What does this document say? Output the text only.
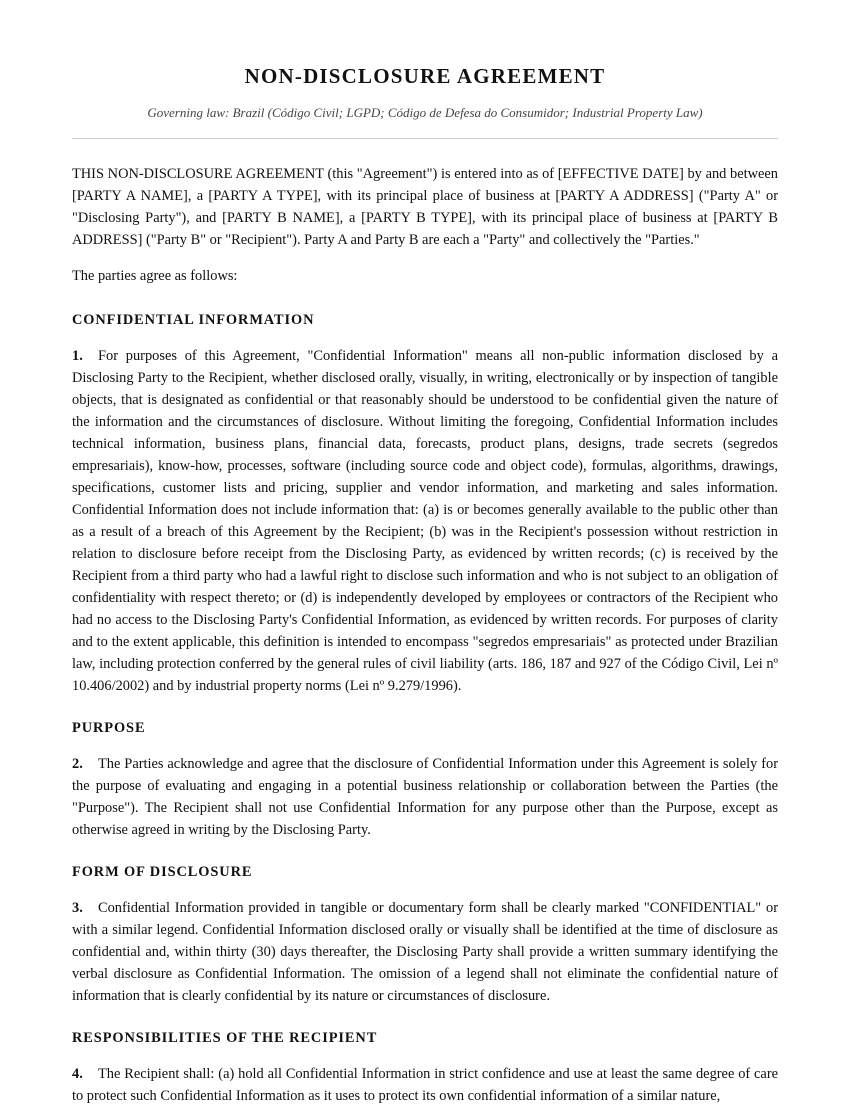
NON-DISCLOSURE AGREEMENT

Governing law: Brazil (Código Civil; LGPD; Código de Defesa do Consumidor; Industrial Property Law)

THIS NON-DISCLOSURE AGREEMENT (this "Agreement") is entered into as of [EFFECTIVE DATE] by and between [PARTY A NAME], a [PARTY A TYPE], with its principal place of business at [PARTY A ADDRESS] ("Party A" or "Disclosing Party"), and [PARTY B NAME], a [PARTY B TYPE], with its principal place of business at [PARTY B ADDRESS] ("Party B" or "Recipient"). Party A and Party B are each a "Party" and collectively the "Parties."

The parties agree as follows:

CONFIDENTIAL INFORMATION

1. For purposes of this Agreement, "Confidential Information" means all non-public information disclosed by a Disclosing Party to the Recipient, whether disclosed orally, visually, in writing, electronically or by inspection of tangible objects, that is designated as confidential or that reasonably should be understood to be confidential given the nature of the information and the circumstances of disclosure. Without limiting the foregoing, Confidential Information includes technical information, business plans, financial data, forecasts, product plans, designs, trade secrets (segredos empresariais), know-how, processes, software (including source code and object code), formulas, algorithms, drawings, specifications, customer lists and pricing, supplier and vendor information, and marketing and sales information. Confidential Information does not include information that: (a) is or becomes generally available to the public other than as a result of a breach of this Agreement by the Recipient; (b) was in the Recipient's possession without restriction in relation to disclosure before receipt from the Disclosing Party, as evidenced by written records; (c) is received by the Recipient from a third party who had a lawful right to disclose such information and who is not subject to an obligation of confidentiality with respect thereto; or (d) is independently developed by employees or contractors of the Recipient who had no access to the Disclosing Party's Confidential Information, as evidenced by written records. For purposes of clarity and to the extent applicable, this definition is intended to encompass "segredos empresariais" as protected under Brazilian law, including protection conferred by the general rules of civil liability (arts. 186, 187 and 927 of the Código Civil, Lei nº 10.406/2002) and by industrial property norms (Lei nº 9.279/1996).

PURPOSE

2. The Parties acknowledge and agree that the disclosure of Confidential Information under this Agreement is solely for the purpose of evaluating and engaging in a potential business relationship or collaboration between the Parties (the "Purpose"). The Recipient shall not use Confidential Information for any purpose other than the Purpose, except as otherwise agreed in writing by the Disclosing Party.

FORM OF DISCLOSURE

3. Confidential Information provided in tangible or documentary form shall be clearly marked "CONFIDENTIAL" or with a similar legend. Confidential Information disclosed orally or visually shall be identified at the time of disclosure as confidential and, within thirty (30) days thereafter, the Disclosing Party shall provide a written summary identifying the verbal disclosure as Confidential Information. The omission of a legend shall not eliminate the confidential nature of information that is clearly confidential by its nature or circumstances of disclosure.

RESPONSIBILITIES OF THE RECIPIENT

4. The Recipient shall: (a) hold all Confidential Information in strict confidence and use at least the same degree of care to protect such Confidential Information as it uses to protect its own confidential information of a similar nature,
